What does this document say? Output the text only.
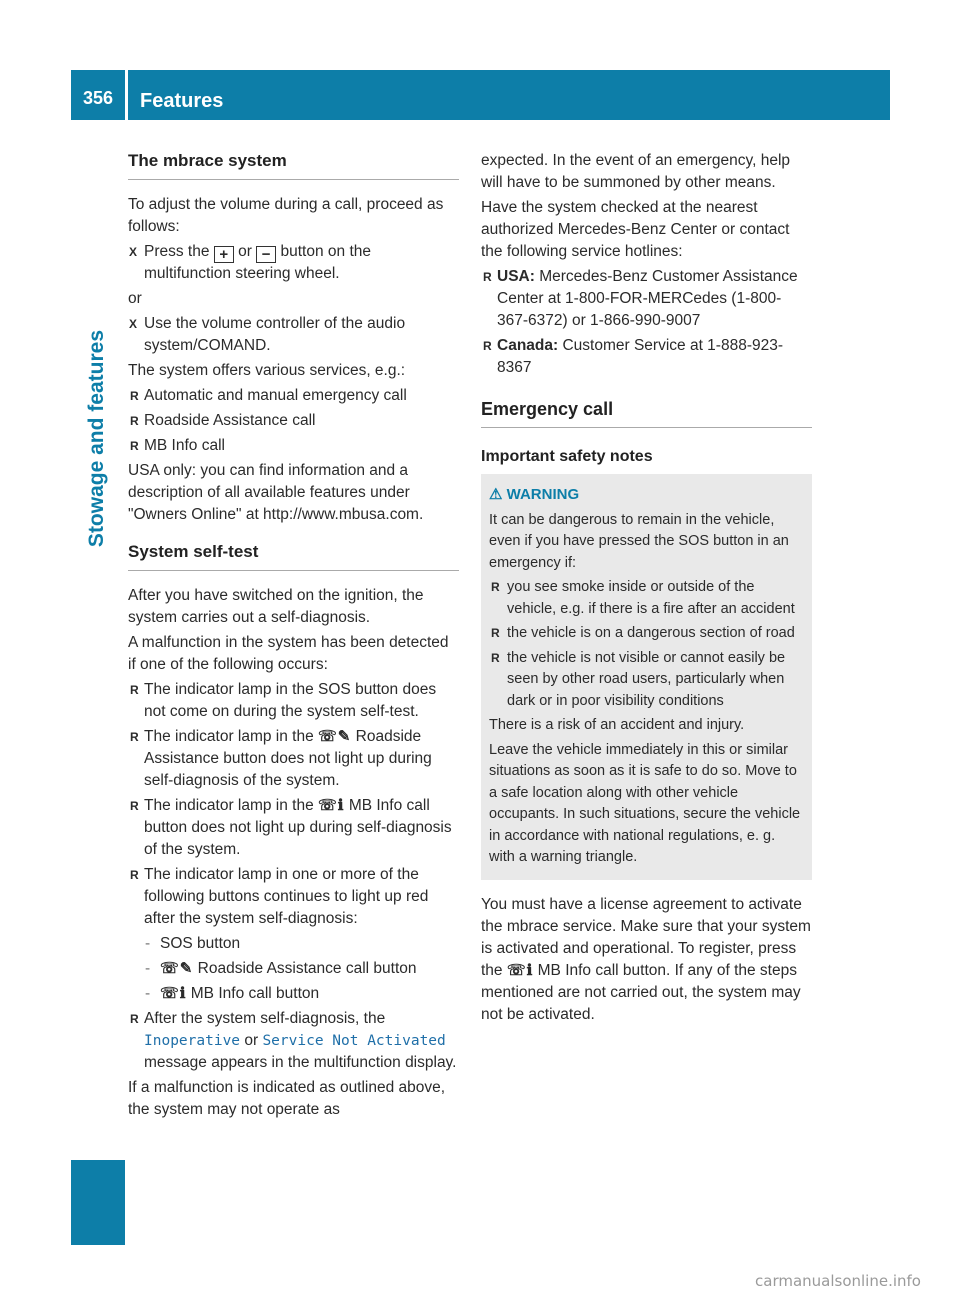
356	Features
Stowage and features
The mbrace system

To adjust the volume during a call, proceed as follows:

X Press the + or − button on the multifunction steering wheel.

or

X Use the volume controller of the audio system/COMAND.

The system offers various services, e.g.:

R Automatic and manual emergency call
R Roadside Assistance call
R MB Info call

USA only: you can find information and a description of all available features under "Owners Online" at http://www.mbusa.com.

System self-test

After you have switched on the ignition, the system carries out a self-diagnosis.

A malfunction in the system has been detected if one of the following occurs:

R The indicator lamp in the SOS button does not come on during the system self-test.
R The indicator lamp in the ☏✎ Roadside Assistance button does not light up during self-diagnosis of the system.
R The indicator lamp in the ☏ℹ MB Info call button does not light up during self-diagnosis of the system.
R The indicator lamp in one or more of the following buttons continues to light up red after the system self-diagnosis:
- SOS button
- ☏✎ Roadside Assistance call button
- ☏ℹ MB Info call button
R After the system self-diagnosis, the Inoperative or Service Not Activated message appears in the multifunction display.

If a malfunction is indicated as outlined above, the system may not operate as

expected. In the event of an emergency, help will have to be summoned by other means.

Have the system checked at the nearest authorized Mercedes-Benz Center or contact the following service hotlines:

R USA: Mercedes-Benz Customer Assistance Center at 1-800-FOR-MERCedes (1-800-367-6372) or 1-866-990-9007
R Canada: Customer Service at 1-888-923-8367
Emergency call
Important safety notes
⚠ WARNING

It can be dangerous to remain in the vehicle, even if you have pressed the SOS button in an emergency if:

R you see smoke inside or outside of the vehicle, e.g. if there is a fire after an accident
R the vehicle is on a dangerous section of road
R the vehicle is not visible or cannot easily be seen by other road users, particularly when dark or in poor visibility conditions

There is a risk of an accident and injury.

Leave the vehicle immediately in this or similar situations as soon as it is safe to do so. Move to a safe location along with other vehicle occupants. In such situations, secure the vehicle in accordance with national regulations, e. g. with a warning triangle.

You must have a license agreement to activate the mbrace service. Make sure that your system is activated and operational. To register, press the ☏ℹ MB Info call button. If any of the steps mentioned are not carried out, the system may not be activated.

carmanualsonline.info
